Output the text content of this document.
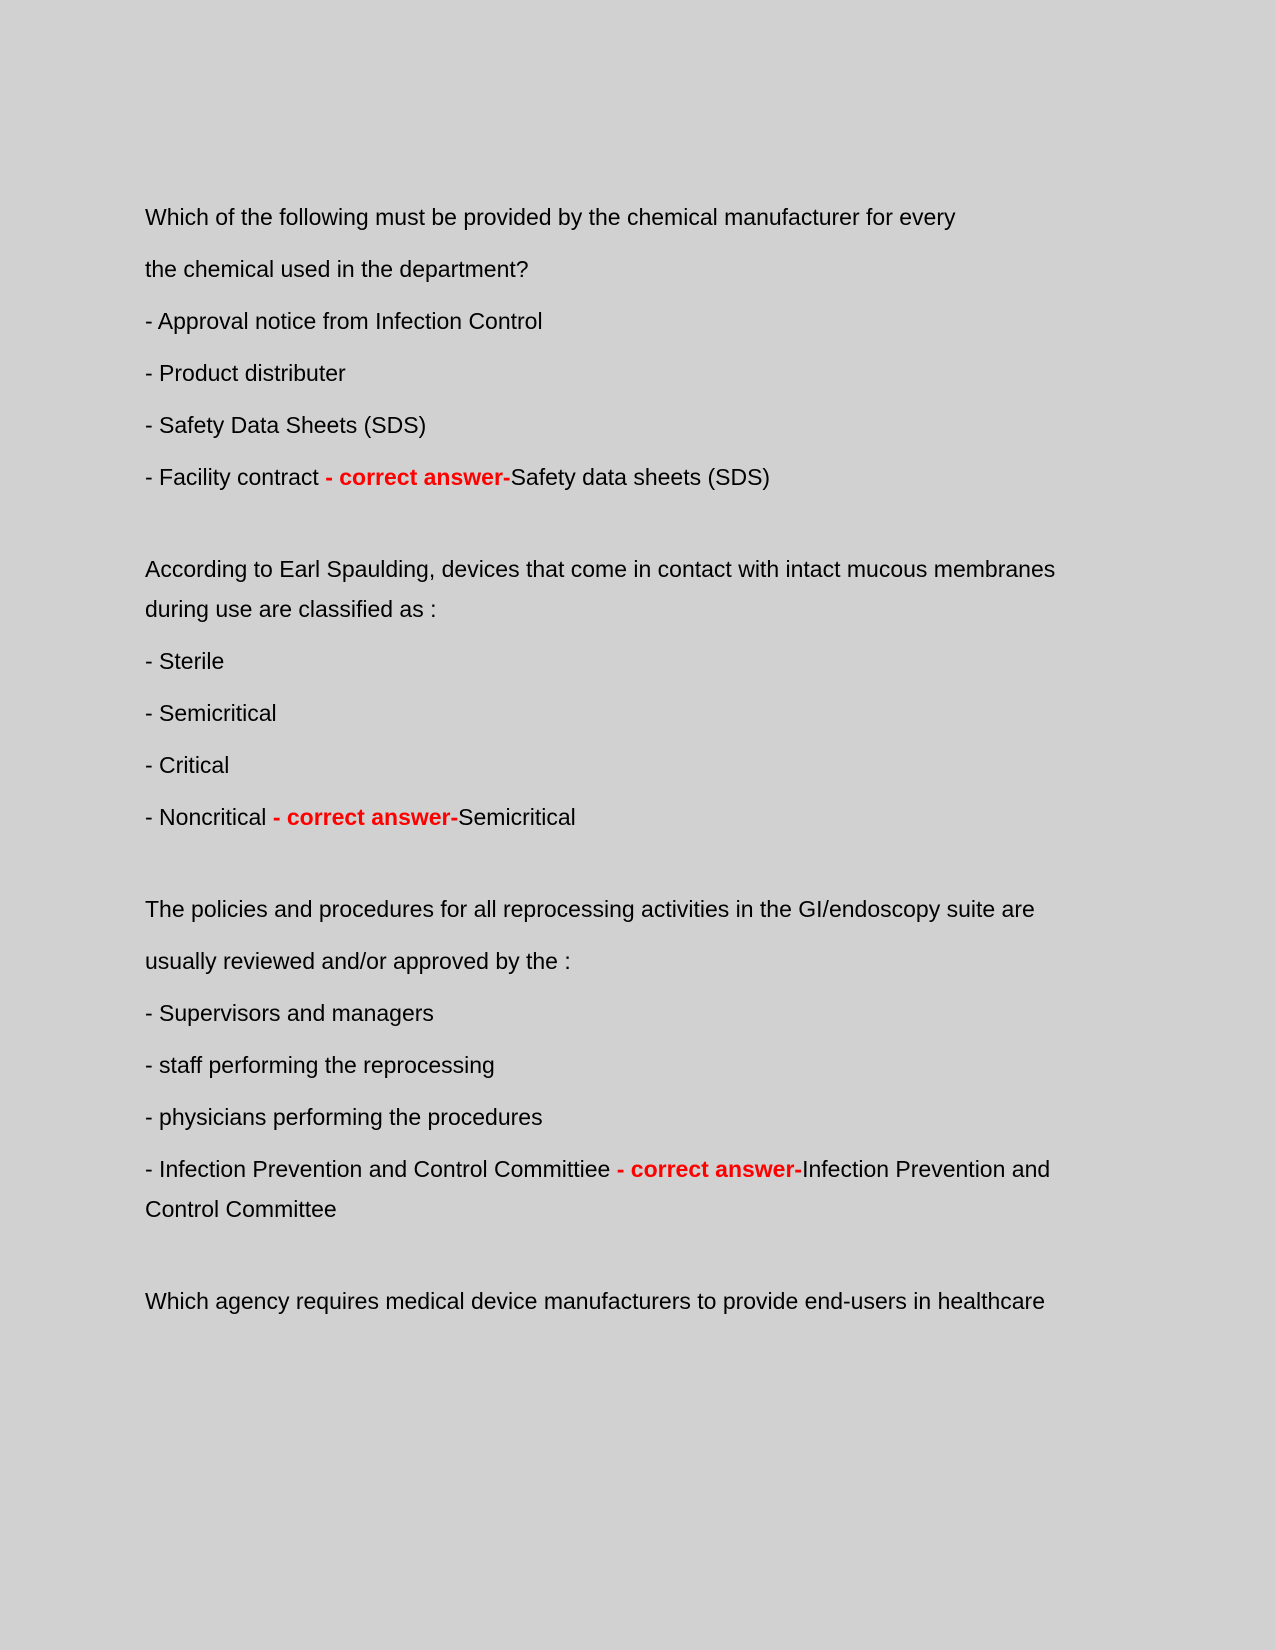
Which of the following must be provided by the chemical manufacturer for every

the chemical used in the department?

- Approval notice from Infection Control

- Product distributer

- Safety Data Sheets (SDS)

- Facility contract - correct answer-Safety data sheets (SDS)

According to Earl Spaulding, devices that come in contact with intact mucous membranes during use are classified as :

- Sterile

- Semicritical

- Critical

- Noncritical - correct answer-Semicritical

The policies and procedures for all reprocessing activities in the GI/endoscopy suite are

usually reviewed and/or approved by the :

- Supervisors and managers

- staff performing the reprocessing

- physicians performing the procedures

- Infection Prevention and Control Committiee - correct answer-Infection Prevention and Control Committee

Which agency requires medical device manufacturers to provide end-users in healthcare
